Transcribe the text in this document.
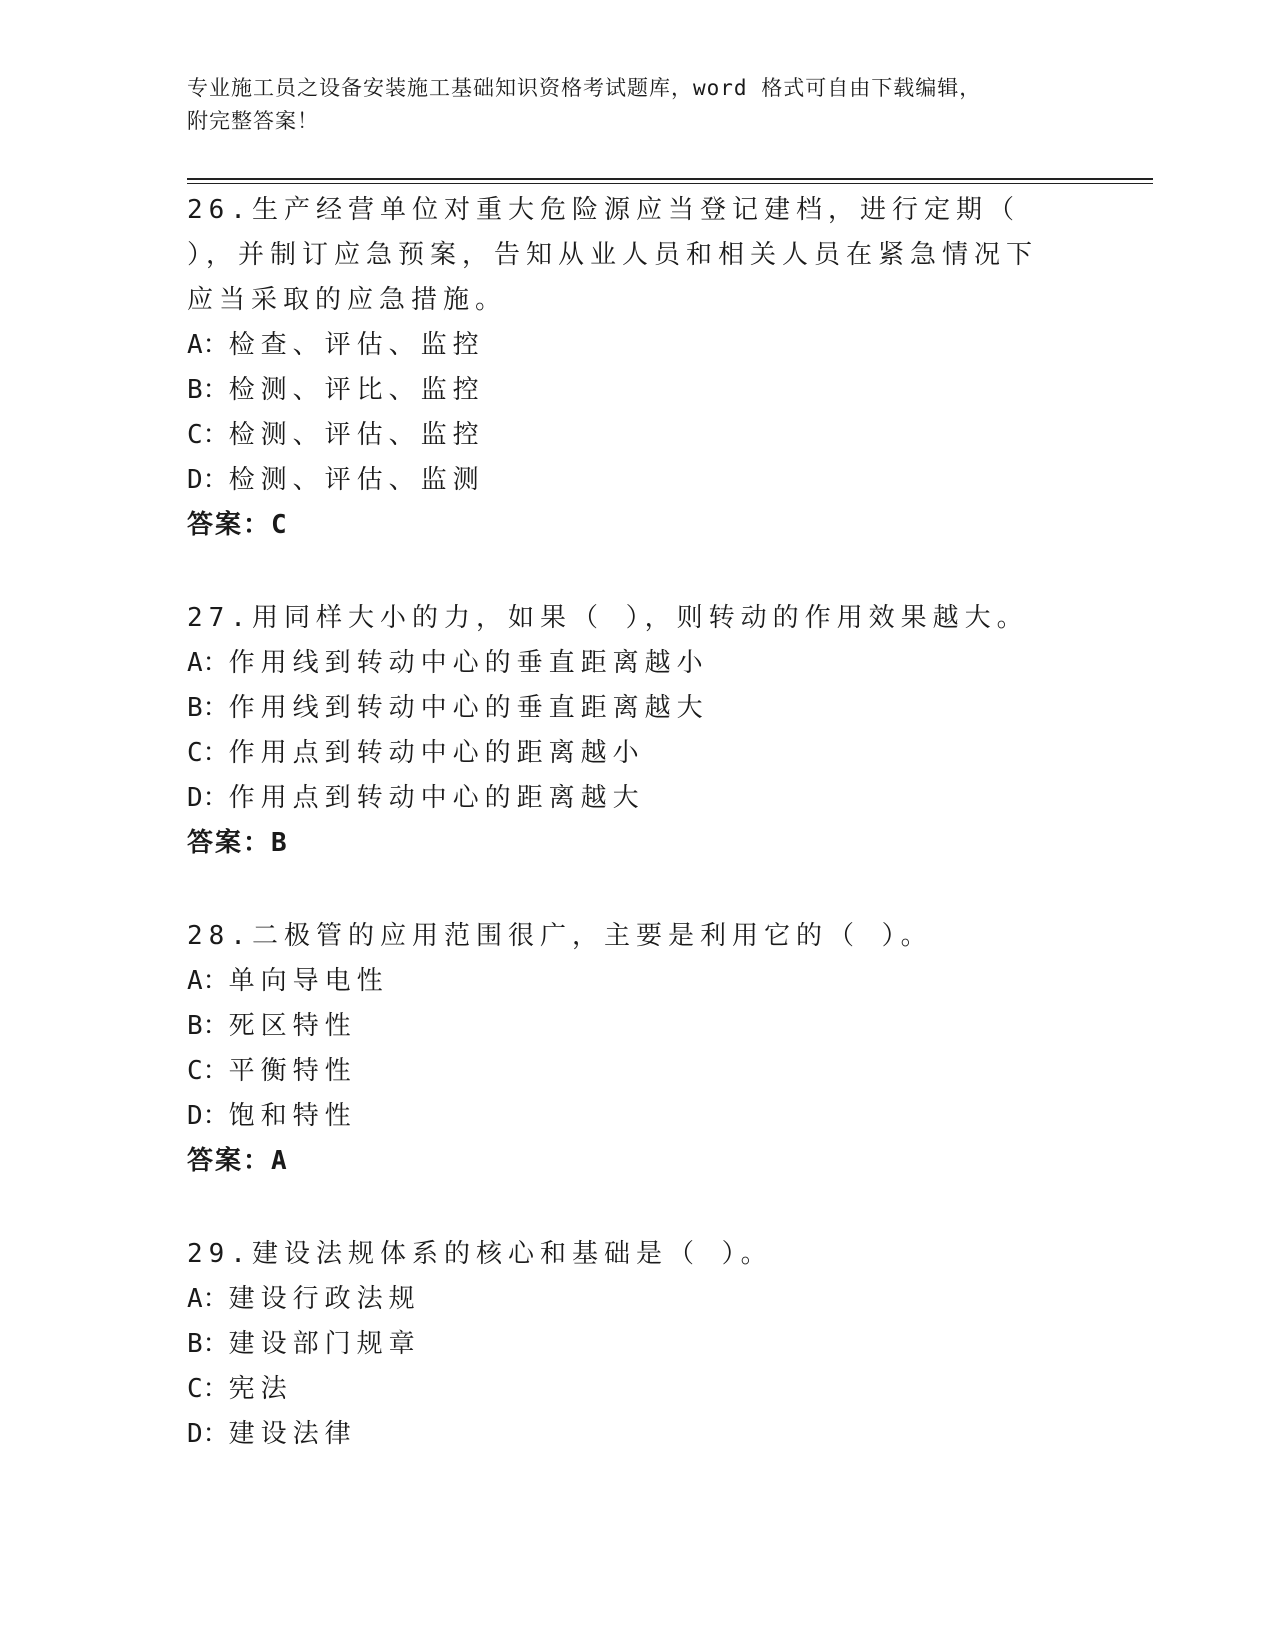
专业施工员之设备安装施工基础知识资格考试题库，word 格式可自由下载编辑，
附完整答案！
26.生产经营单位对重大危险源应当登记建档，进行定期（ ），并制订应急预案，告知从业人员和相关人员在紧急情况下应当采取的应急措施。
A：检查、评估、监控
B：检测、评比、监控
C：检测、评估、监控
D：检测、评估、监测
答案：C
27.用同样大小的力，如果（ ），则转动的作用效果越大。
A：作用线到转动中心的垂直距离越小
B：作用线到转动中心的垂直距离越大
C：作用点到转动中心的距离越小
D：作用点到转动中心的距离越大
答案：B
28.二极管的应用范围很广，主要是利用它的（ ）。
A：单向导电性
B：死区特性
C：平衡特性
D：饱和特性
答案：A
29.建设法规体系的核心和基础是（ ）。
A：建设行政法规
B：建设部门规章
C：宪法
D：建设法律
